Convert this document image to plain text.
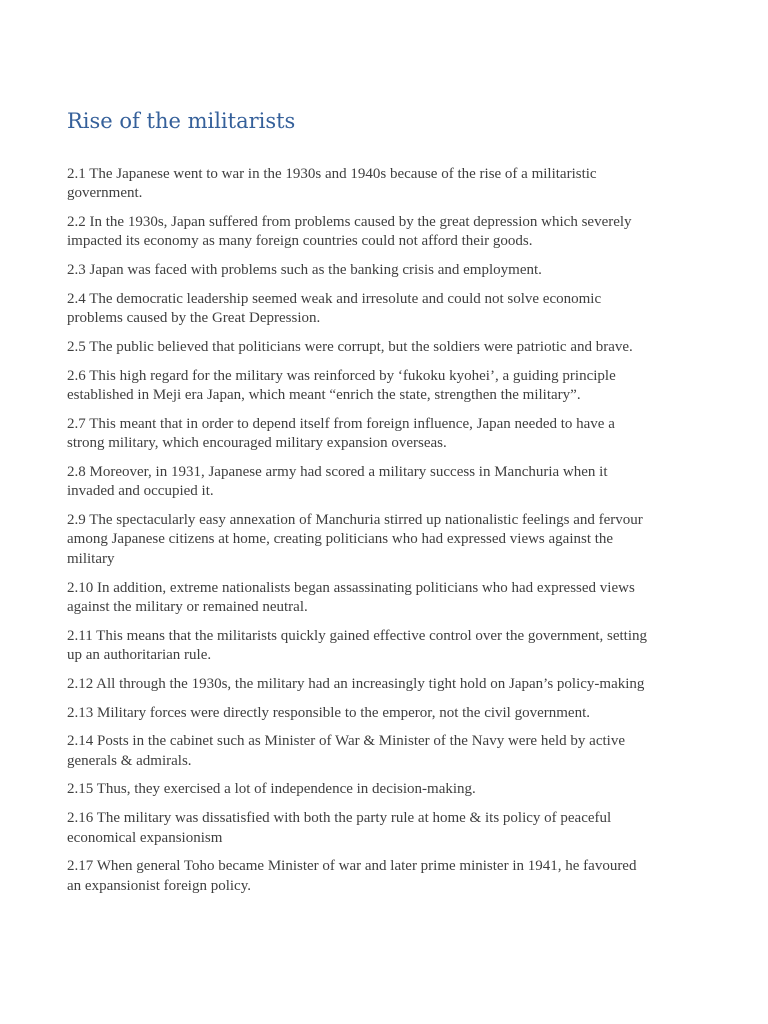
Rise of the militarists

2.1 The Japanese went to war in the 1930s and 1940s because of the rise of a militaristic
government.

2.2 In the 1930s, Japan suffered from problems caused by the great depression which severely
impacted its economy as many foreign countries could not afford their goods.

2.3 Japan was faced with problems such as the banking crisis and employment.

2.4 The democratic leadership seemed weak and irresolute and could not solve economic
problems caused by the Great Depression.

2.5 The public believed that politicians were corrupt, but the soldiers were patriotic and brave.

2.6 This high regard for the military was reinforced by ‘fukoku kyohei’, a guiding principle
established in Meji era Japan, which meant “enrich the state, strengthen the military”.

2.7 This meant that in order to depend itself from foreign influence, Japan needed to have a
strong military, which encouraged military expansion overseas.

2.8 Moreover, in 1931, Japanese army had scored a military success in Manchuria when it
invaded and occupied it.

2.9 The spectacularly easy annexation of Manchuria stirred up nationalistic feelings and fervour
among Japanese citizens at home, creating politicians who had expressed views against the
military

2.10 In addition, extreme nationalists began assassinating politicians who had expressed views
against the military or remained neutral.

2.11 This means that the militarists quickly gained effective control over the government, setting
up an authoritarian rule.

2.12 All through the 1930s, the military had an increasingly tight hold on Japan’s policy-making

2.13 Military forces were directly responsible to the emperor, not the civil government.

2.14 Posts in the cabinet such as Minister of War & Minister of the Navy were held by active
generals & admirals.

2.15 Thus, they exercised a lot of independence in decision-making.

2.16 The military was dissatisfied with both the party rule at home & its policy of peaceful
economical expansionism

2.17 When general Toho became Minister of war and later prime minister in 1941, he favoured
an expansionist foreign policy.
